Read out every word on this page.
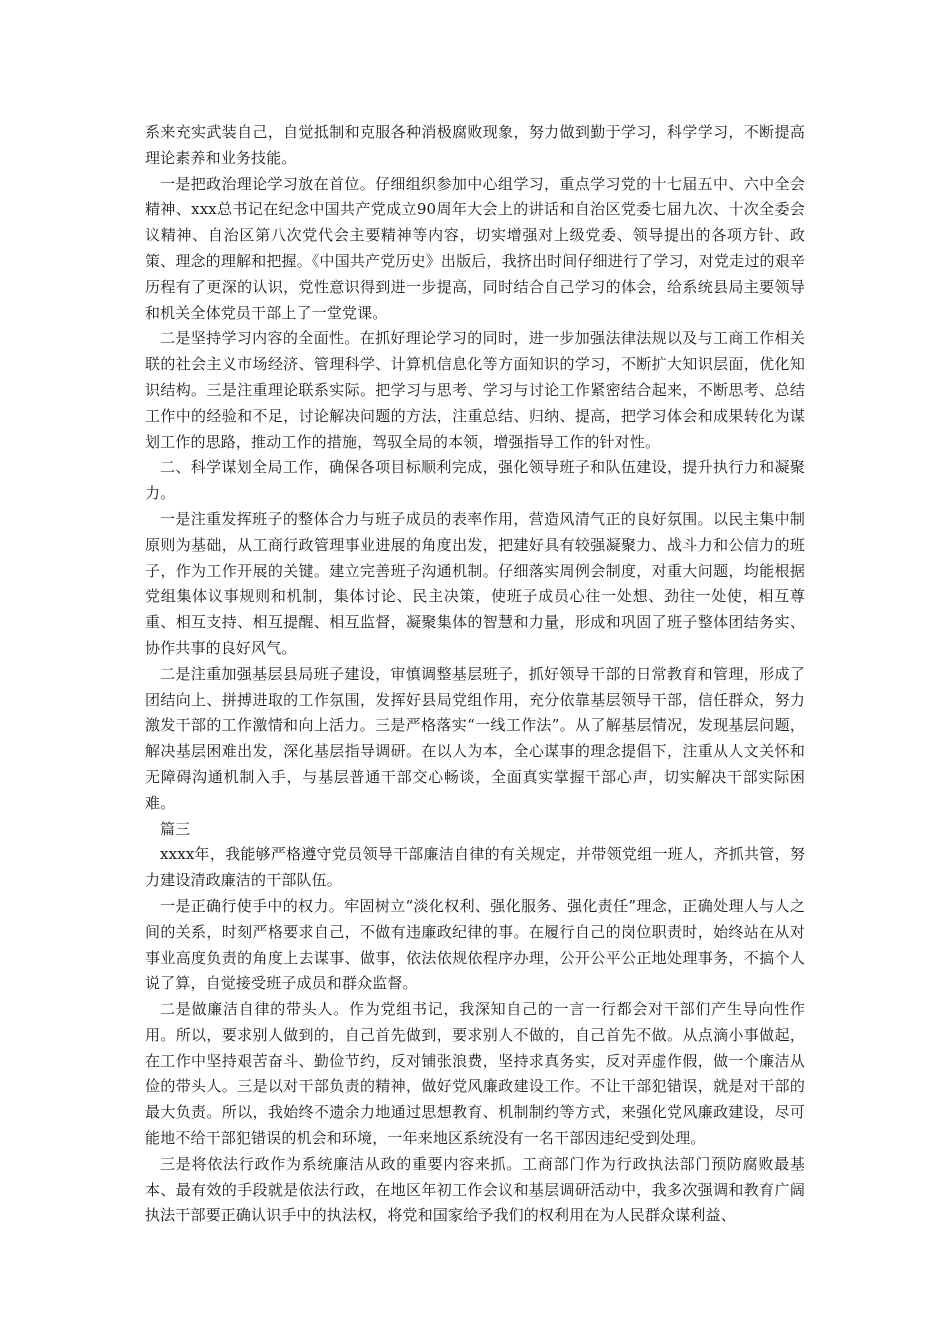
系来充实武装自己，自觉抵制和克服各种消极腐败现象，努力做到勤于学习，科学学习，不断提高理论素养和业务技能。

一是把政治理论学习放在首位。仔细组织参加中心组学习，重点学习党的十七届五中、六中全会精神、xxx总书记在纪念中国共产党成立90周年大会上的讲话和自治区党委七届九次、十次全委会议精神、自治区第八次党代会主要精神等内容，切实增强对上级党委、领导提出的各项方针、政策、理念的理解和把握。《中国共产党历史》出版后，我挤出时间仔细进行了学习，对党走过的艰辛历程有了更深的认识，党性意识得到进一步提高，同时结合自己学习的体会，给系统县局主要领导和机关全体党员干部上了一堂党课。

二是坚持学习内容的全面性。在抓好理论学习的同时，进一步加强法律法规以及与工商工作相关联的社会主义市场经济、管理科学、计算机信息化等方面知识的学习，不断扩大知识层面，优化知识结构。三是注重理论联系实际。把学习与思考、学习与讨论工作紧密结合起来，不断思考、总结工作中的经验和不足，讨论解决问题的方法，注重总结、归纳、提高，把学习体会和成果转化为谋划工作的思路，推动工作的措施，驾驭全局的本领，增强指导工作的针对性。

二、科学谋划全局工作，确保各项目标顺利完成，强化领导班子和队伍建设，提升执行力和凝聚力。

一是注重发挥班子的整体合力与班子成员的表率作用，营造风清气正的良好氛围。以民主集中制原则为基础，从工商行政管理事业进展的角度出发，把建好具有较强凝聚力、战斗力和公信力的班子，作为工作开展的关键。建立完善班子沟通机制。仔细落实周例会制度，对重大问题，均能根据党组集体议事规则和机制，集体讨论、民主决策，使班子成员心往一处想、劲往一处使，相互尊重、相互支持、相互提醒、相互监督，凝聚集体的智慧和力量，形成和巩固了班子整体团结务实、协作共事的良好风气。

二是注重加强基层县局班子建设，审慎调整基层班子，抓好领导干部的日常教育和管理，形成了团结向上、拼搏进取的工作氛围，发挥好县局党组作用，充分依靠基层领导干部，信任群众，努力激发干部的工作激情和向上活力。三是严格落实“一线工作法”。从了解基层情况，发现基层问题，解决基层困难出发，深化基层指导调研。在以人为本，全心谋事的理念提倡下，注重从人文关怀和无障碍沟通机制入手，与基层普通干部交心畅谈，全面真实掌握干部心声，切实解决干部实际困难。

篇三

xxxx年，我能够严格遵守党员领导干部廉洁自律的有关规定，并带领党组一班人，齐抓共管，努力建设清政廉洁的干部队伍。

一是正确行使手中的权力。牢固树立“淡化权利、强化服务、强化责任”理念，正确处理人与人之间的关系，时刻严格要求自己，不做有违廉政纪律的事。在履行自己的岗位职责时，始终站在从对事业高度负责的角度上去谋事、做事，依法依规依程序办理，公开公平公正地处理事务，不搞个人说了算，自觉接受班子成员和群众监督。

二是做廉洁自律的带头人。作为党组书记，我深知自己的一言一行都会对干部们产生导向性作用。所以，要求别人做到的，自己首先做到，要求别人不做的，自己首先不做。从点滴小事做起，在工作中坚持艰苦奋斗、勤俭节约，反对铺张浪费，坚持求真务实，反对弄虚作假，做一个廉洁从俭的带头人。三是以对干部负责的精神，做好党风廉政建设工作。不让干部犯错误，就是对干部的最大负责。所以，我始终不遗余力地通过思想教育、机制制约等方式，来强化党风廉政建设，尽可能地不给干部犯错误的机会和环境，一年来地区系统没有一名干部因违纪受到处理。

三是将依法行政作为系统廉洁从政的重要内容来抓。工商部门作为行政执法部门预防腐败最基本、最有效的手段就是依法行政，在地区年初工作会议和基层调研活动中，我多次强调和教育广阔执法干部要正确认识手中的执法权，将党和国家给予我们的权利用在为人民群众谋利益、
